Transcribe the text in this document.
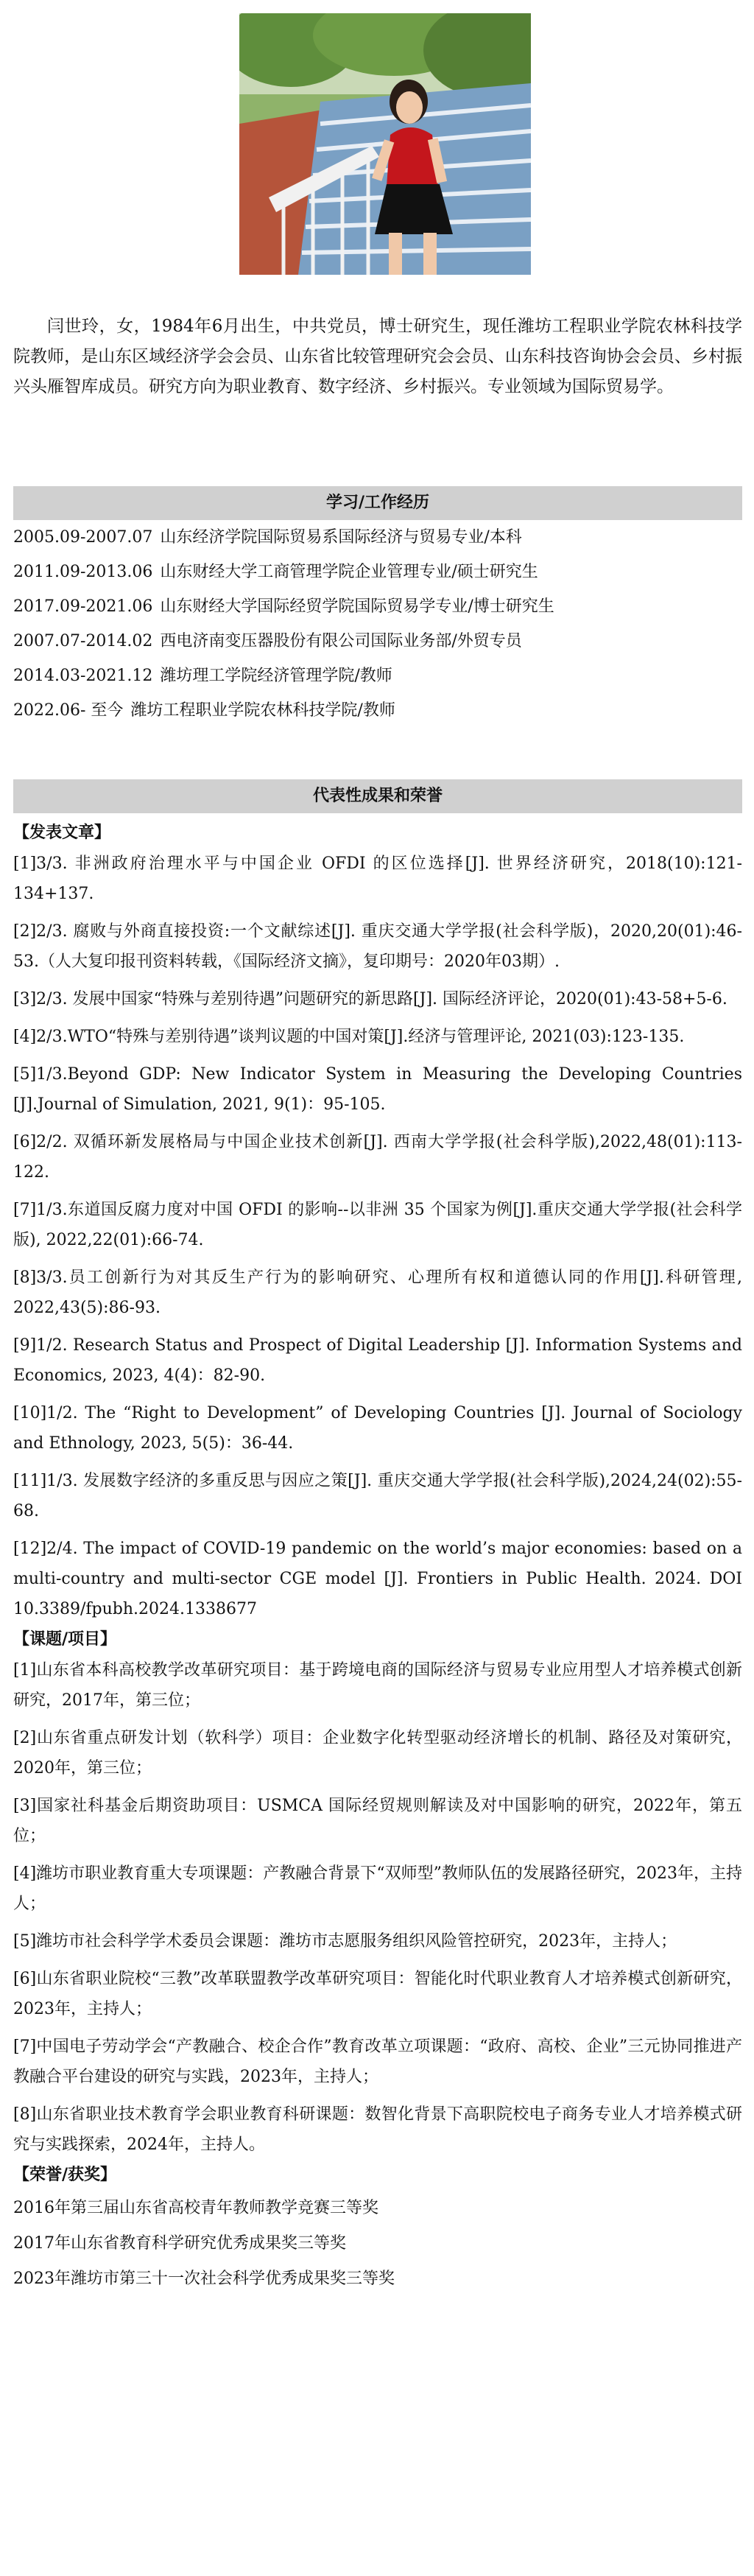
闫世玲，女，1984年6月出生，中共党员，博士研究生，现任潍坊工程职业学院农林科技学院教师，是山东区域经济学会会员、山东省比较管理研究会会员、山东科技咨询协会会员、乡村振兴头雁智库成员。研究方向为职业教育、数字经济、乡村振兴。专业领域为国际贸易学。

学习/工作经历
2005.09-2007.07 山东经济学院国际贸易系国际经济与贸易专业/本科
2011.09-2013.06 山东财经大学工商管理学院企业管理专业/硕士研究生
2017.09-2021.06 山东财经大学国际经贸学院国际贸易学专业/博士研究生
2007.07-2014.02 西电济南变压器股份有限公司国际业务部/外贸专员
2014.03-2021.12 潍坊理工学院经济管理学院/教师
2022.06- 至今 潍坊工程职业学院农林科技学院/教师
代表性成果和荣誉
【发表文章】

[1]3/3. 非洲政府治理水平与中国企业 OFDI 的区位选择[J]. 世界经济研究，2018(10):121-134+137.

[2]2/3. 腐败与外商直接投资:一个文献综述[J]. 重庆交通大学学报(社会科学版)，2020,20(01):46-53.（人大复印报刊资料转载，《国际经济文摘》，复印期号：2020年03期）.

[3]2/3. 发展中国家“特殊与差别待遇”问题研究的新思路[J]. 国际经济评论，2020(01):43-58+5-6.

[4]2/3.WTO“特殊与差别待遇”谈判议题的中国对策[J].经济与管理评论, 2021(03):123-135.

[5]1/3.Beyond GDP: New Indicator System in Measuring the Developing Countries [J].Journal of Simulation, 2021, 9(1)：95-105.

[6]2/2. 双循环新发展格局与中国企业技术创新[J]. 西南大学学报(社会科学版),2022,48(01):113-122.

[7]1/3.东道国反腐力度对中国 OFDI 的影响--以非洲 35 个国家为例[J].重庆交通大学学报(社会科学版), 2022,22(01):66-74.

[8]3/3.员工创新行为对其反生产行为的影响研究、心理所有权和道德认同的作用[J].科研管理, 2022,43(5):86-93.

[9]1/2. Research Status and Prospect of Digital Leadership [J]. Information Systems and Economics, 2023, 4(4)：82-90.

[10]1/2. The “Right to Development” of Developing Countries [J]. Journal of Sociology and Ethnology, 2023, 5(5)：36-44.

[11]1/3. 发展数字经济的多重反思与因应之策[J]. 重庆交通大学学报(社会科学版),2024,24(02):55-68.

[12]2/4. The impact of COVID-19 pandemic on the world’s major economies: based on a multi-country and multi-sector CGE model [J]. Frontiers in Public Health. 2024. DOI 10.3389/fpubh.2024.1338677

【课题/项目】

[1]山东省本科高校教学改革研究项目：基于跨境电商的国际经济与贸易专业应用型人才培养模式创新研究，2017年，第三位；

[2]山东省重点研发计划（软科学）项目：企业数字化转型驱动经济增长的机制、路径及对策研究，2020年，第三位；

[3]国家社科基金后期资助项目：USMCA 国际经贸规则解读及对中国影响的研究，2022年，第五位；

[4]潍坊市职业教育重大专项课题：产教融合背景下“双师型”教师队伍的发展路径研究，2023年，主持人；

[5]潍坊市社会科学学术委员会课题：潍坊市志愿服务组织风险管控研究，2023年，主持人；

[6]山东省职业院校“三教”改革联盟教学改革研究项目：智能化时代职业教育人才培养模式创新研究，2023年，主持人；

[7]中国电子劳动学会“产教融合、校企合作”教育改革立项课题：“政府、高校、企业”三元协同推进产教融合平台建设的研究与实践，2023年，主持人；

[8]山东省职业技术教育学会职业教育科研课题：数智化背景下高职院校电子商务专业人才培养模式研究与实践探索，2024年，主持人。

【荣誉/获奖】
2016年第三届山东省高校青年教师教学竞赛三等奖
2017年山东省教育科学研究优秀成果奖三等奖
2023年潍坊市第三十一次社会科学优秀成果奖三等奖
